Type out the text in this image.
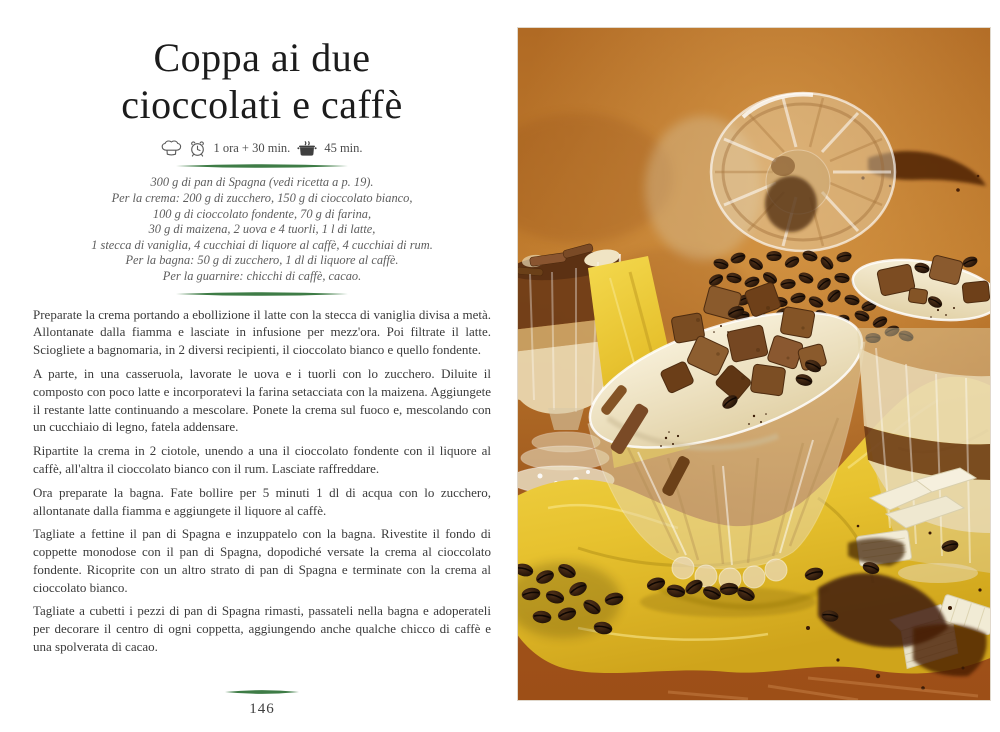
Coppa ai due
cioccolati e caffè
1 ora + 30 min.	45 min.
300 g di pan di Spagna (vedi ricetta a p. 19).
Per la crema: 200 g di zucchero, 150 g di cioccolato bianco,
100 g di cioccolato fondente, 70 g di farina,
30 g di maizena, 2 uova e 4 tuorli, 1 l di latte,
1 stecca di vaniglia, 4 cucchiai di liquore al caffè, 4 cucchiai di rum.
Per la bagna: 50 g di zucchero, 1 dl di liquore al caffè.
Per la guarnire: chicchi di caffè, cacao.

Preparate la crema portando a ebollizione il latte con la stecca di vaniglia divisa a metà. Allontanate dalla fiamma e lasciate in infusione per mezz'ora. Poi filtrate il latte. Sciogliete a bagnomaria, in 2 diversi recipienti, il cioccolato bianco e quello fondente.

A parte, in una casseruola, lavorate le uova e i tuorli con lo zucchero. Diluite il composto con poco latte e incorporatevi la farina setacciata con la maizena. Aggiungete il restante latte continuando a mescolare. Ponete la crema sul fuoco e, mescolando con un cucchiaio di legno, fatela addensare.

Ripartite la crema in 2 ciotole, unendo a una il cioccolato fondente con il liquore al caffè, all'altra il cioccolato bianco con il rum. Lasciate raffreddare.

Ora preparate la bagna. Fate bollire per 5 minuti 1 dl di acqua con lo zucchero, allontanate dalla fiamma e aggiungete il liquore al caffè.

Tagliate a fettine il pan di Spagna e inzuppatelo con la bagna. Rivestite il fondo di coppette monodose con il pan di Spagna, dopodiché versate la crema al cioccolato fondente. Ricoprite con un altro strato di pan di Spagna e terminate con la crema al cioccolato bianco.

Tagliate a cubetti i pezzi di pan di Spagna rimasti, passateli nella bagna e adoperateli per decorare il centro di ogni coppetta, aggiungendo anche qualche chicco di caffè e una spolverata di cacao.

146
